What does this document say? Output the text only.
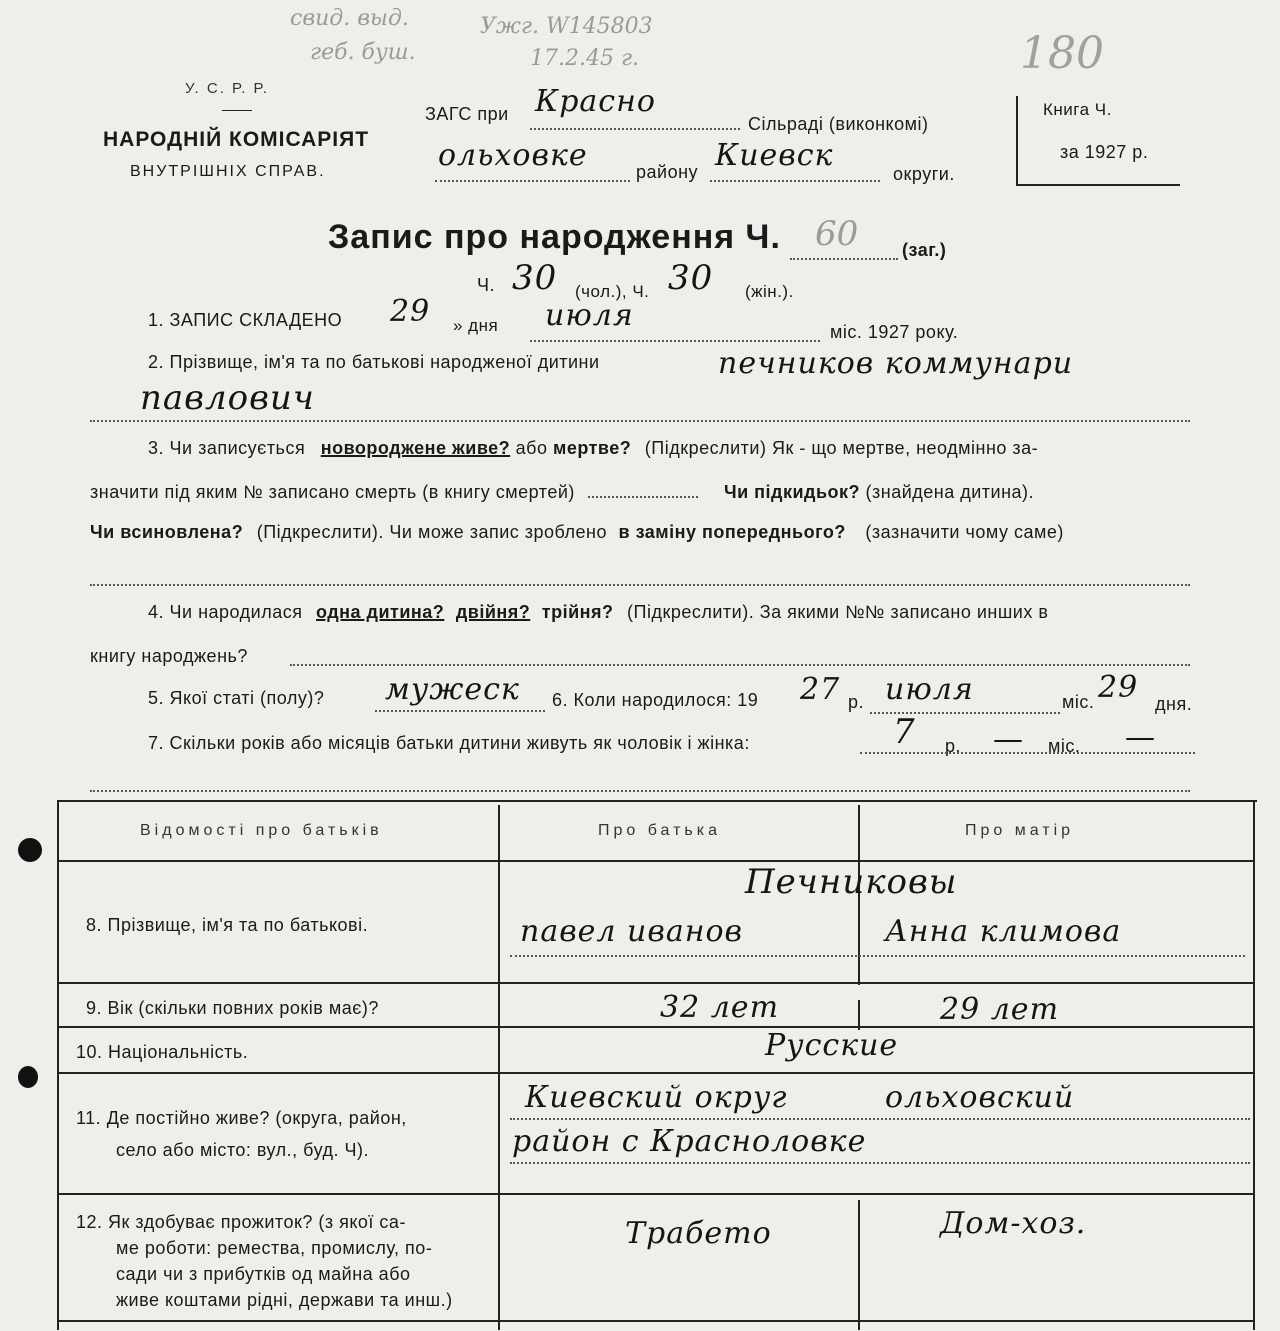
свид. выд.
геб. буш.
Ужг. W145803
17.2.45 г.	180
У. С. Р. Р.
НАРОДНІЙ КОМІСАРІЯТ
ВНУТРІШНІХ СПРАВ.
ЗАГС при Красно
Сільраді (виконкомі)
ольховке	району Киевск
округи.
Книга Ч.
за 1927 р.
Запис про народження Ч. 60 (заг.)
Ч. 30 (чол.), Ч. 30 (жін.).
1. ЗАПИС СКЛАДЕНО 29 » дня июля	міс. 1927 року.
2. Прізвище, ім'я та по батькові народженої дитини	печников коммунари
павлович
3. Чи записується новороджене живе? або мертве? (Підкреслити) Як - що мертве, неодмінно за-
значити під яким № записано смерть (в книгу смертей)	Чи підкидьок? (знайдена дитина).
Чи всиновлена? (Підкреслити). Чи може запис зроблено в заміну попереднього? (зазначити чому саме)
4. Чи народилася одна дитина? двійня? трійня? (Підкреслити). За якими №№ записано инших в
книгу народжень?
5. Якої статі (полу)? мужеск 6. Коли народилося: 19 27 р. июля	міс. 29 дня.
7. Скільки років або місяців батьки дитини живуть як чоловік і жінка:	7 р. — міс. —
Відомості про батьків	Про батька	Про матір
8. Прізвище, ім'я та по батькові.
Печниковы
павел иванов	Анна климова
9. Вік (скільки повних років має)?	32 лет	29 лет
10. Національність.	Русские
11. Де постійно живе? (округа, район,
село або місто: вул., буд. Ч).
Киевский округ	ольховский
район с Красноловке
12. Як здобуває прожиток? (з якої са-
ме роботи: ремества, промислу, по-
сади чи з прибутків од майна або
живе коштами рідні, держави та инш.)
Трабето	Дом-хоз.
